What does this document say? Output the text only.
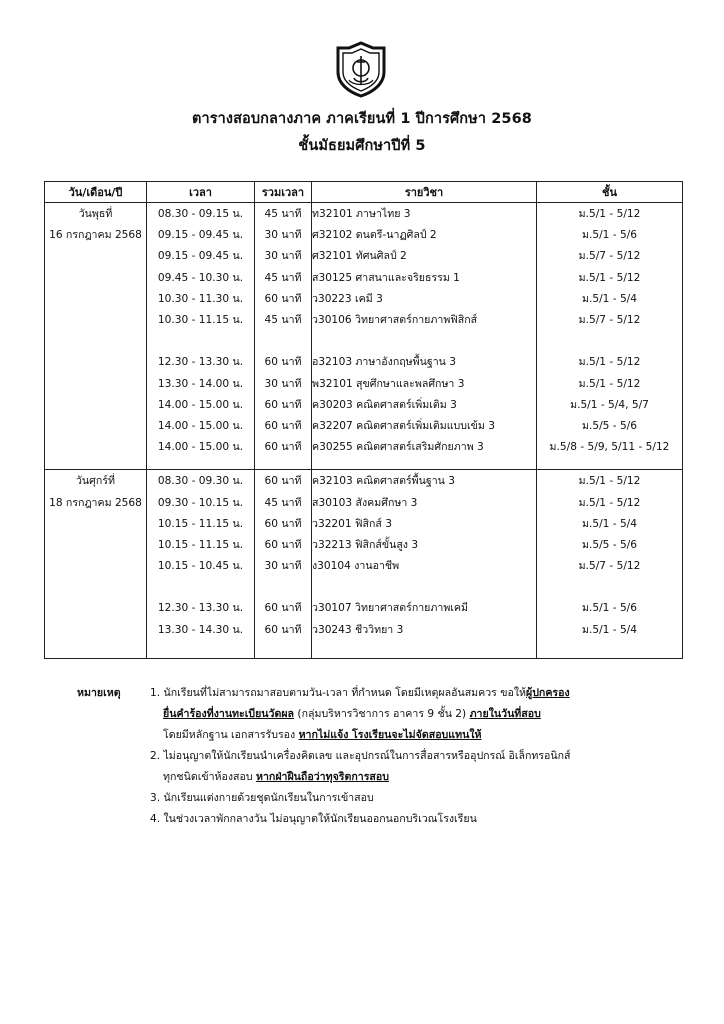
ตารางสอบกลางภาค ภาคเรียนที่ 1 ปีการศึกษา 2568
ชั้นมัธยมศึกษาปีที่ 5
วัน/เดือน/ปี	เวลา	รวมเวลา	รายวิชา	ชั้น
วันพุธที่	08.30 - 09.15 น.	45 นาที	ท32101 ภาษาไทย 3	ม.5/1 - 5/12
16 กรกฎาคม 2568	09.15 - 09.45 น.	30 นาที	ศ32102 ดนตรี-นาฏศิลป์ 2	ม.5/1 - 5/6
	09.15 - 09.45 น.	30 นาที	ศ32101 ทัศนศิลป์ 2	ม.5/7 - 5/12
	09.45 - 10.30 น.	45 นาที	ส30125 ศาสนาและจริยธรรม 1	ม.5/1 - 5/12
	10.30 - 11.30 น.	60 นาที	ว30223 เคมี 3	ม.5/1 - 5/4
	10.30 - 11.15 น.	45 นาที	ว30106 วิทยาศาสตร์กายภาพฟิสิกส์	ม.5/7 - 5/12

	12.30 - 13.30 น.	60 นาที	อ32103 ภาษาอังกฤษพื้นฐาน 3	ม.5/1 - 5/12
	13.30 - 14.00 น.	30 นาที	พ32101 สุขศึกษาและพลศึกษา 3	ม.5/1 - 5/12
	14.00 - 15.00 น.	60 นาที	ค30203 คณิตศาสตร์เพิ่มเติม 3	ม.5/1 - 5/4, 5/7
	14.00 - 15.00 น.	60 นาที	ค32207 คณิตศาสตร์เพิ่มเติมแบบเข้ม 3	ม.5/5 - 5/6
	14.00 - 15.00 น.	60 นาที	ค30255 คณิตศาสตร์เสริมศักยภาพ 3	ม.5/8 - 5/9, 5/11 - 5/12

วันศุกร์ที่	08.30 - 09.30 น.	60 นาที	ค32103 คณิตศาสตร์พื้นฐาน 3	ม.5/1 - 5/12
18 กรกฎาคม 2568	09.30 - 10.15 น.	45 นาที	ส30103 สังคมศึกษา 3	ม.5/1 - 5/12
	10.15 - 11.15 น.	60 นาที	ว32201 ฟิสิกส์ 3	ม.5/1 - 5/4
	10.15 - 11.15 น.	60 นาที	ว32213 ฟิสิกส์ขั้นสูง 3	ม.5/5 - 5/6
	10.15 - 10.45 น.	30 นาที	ง30104 งานอาชีพ	ม.5/7 - 5/12

	12.30 - 13.30 น.	60 นาที	ว30107 วิทยาศาสตร์กายภาพเคมี	ม.5/1 - 5/6
	13.30 - 14.30 น.	60 นาที	ว30243 ชีววิทยา 3	ม.5/1 - 5/4

หมายเหตุ	1. นักเรียนที่ไม่สามารถมาสอบตามวัน-เวลา ที่กำหนด โดยมีเหตุผลอันสมควร ขอให้ผู้ปกครอง
ยื่นคำร้องที่งานทะเบียนวัดผล (กลุ่มบริหารวิชาการ อาคาร 9 ชั้น 2) ภายในวันที่สอบ
โดยมีหลักฐาน เอกสารรับรอง หากไม่แจ้ง โรงเรียนจะไม่จัดสอบแทนให้
2. ไม่อนุญาตให้นักเรียนนำเครื่องคิดเลข และอุปกรณ์ในการสื่อสารหรืออุปกรณ์ อิเล็กทรอนิกส์
ทุกชนิดเข้าห้องสอบ หากฝ่าฝืนถือว่าทุจริตการสอบ
3. นักเรียนแต่งกายด้วยชุดนักเรียนในการเข้าสอบ
4. ในช่วงเวลาพักกลางวัน ไม่อนุญาตให้นักเรียนออกนอกบริเวณโรงเรียน
